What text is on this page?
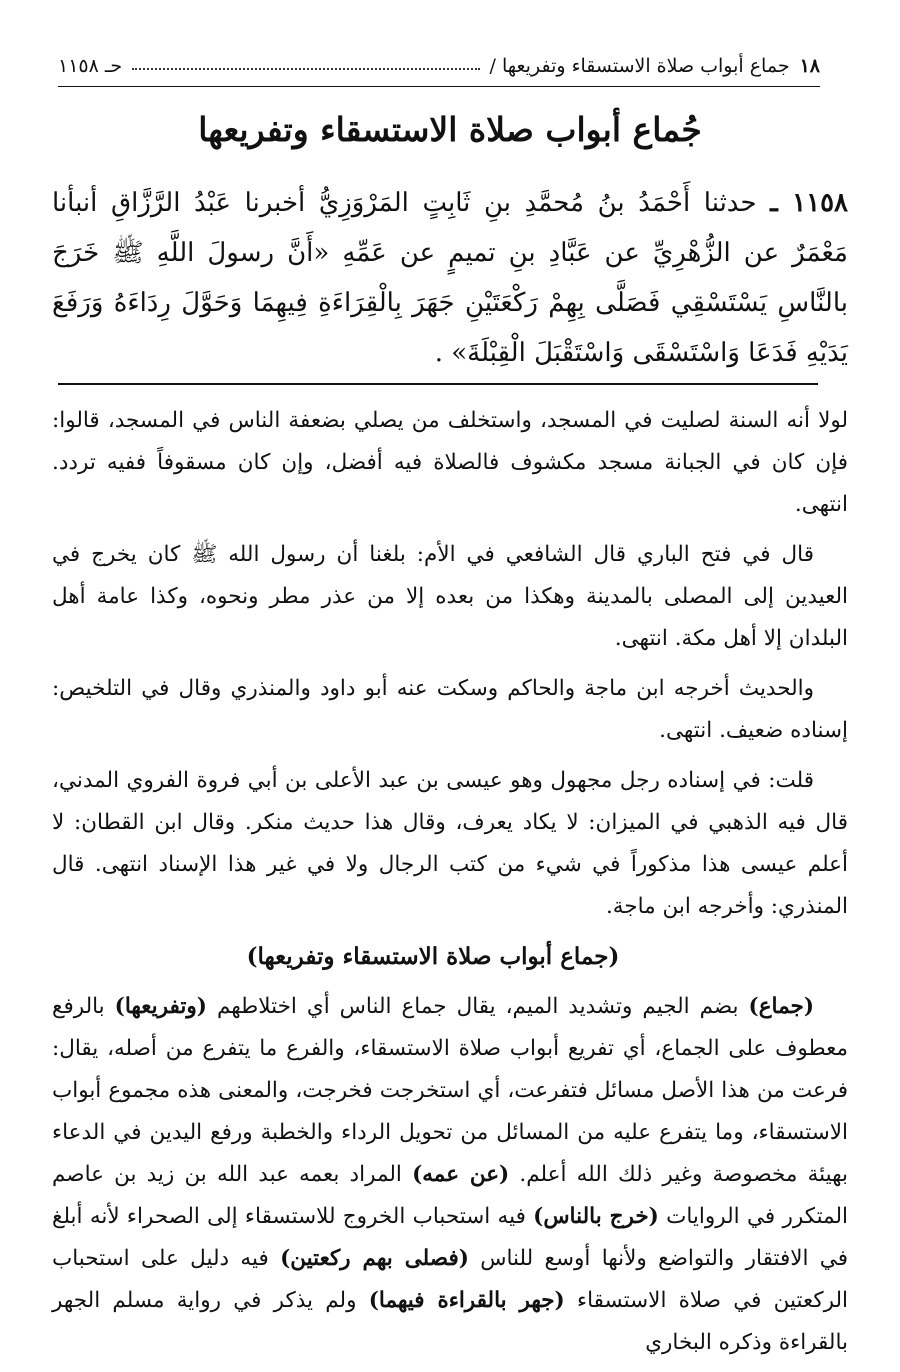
١٨
جماع أبواب صلاة الاستسقاء وتفريعها /
حـ ١١٥٨
جُماع أبواب صلاة الاستسقاء وتفريعها
١١٥٨ ـ حدثنا أَحْمَدُ بنُ مُحمَّدِ بنِ ثَابِتٍ المَرْوَزِيُّ أخبرنا عَبْدُ الرَّزَّاقِ أنبأنا مَعْمَرٌ عن الزُّهْرِيِّ عن عَبَّادِ بنِ تميمٍ عن عَمِّهِ «أَنَّ رسولَ اللَّهِ ﷺ خَرَجَ بالنَّاسِ يَسْتَسْقِي فَصَلَّى بِهِمْ رَكْعَتَيْنِ جَهَرَ بِالْقِرَاءَةِ فِيهِمَا وَحَوَّلَ رِدَاءَهُ وَرَفَعَ يَدَيْهِ فَدَعَا وَاسْتَسْقَى وَاسْتَقْبَلَ الْقِبْلَةَ» .

لولا أنه السنة لصليت في المسجد، واستخلف من يصلي بضعفة الناس في المسجد، قالوا: فإن كان في الجبانة مسجد مكشوف فالصلاة فيه أفضل، وإن كان مسقوفاً ففيه تردد. انتهى.

قال في فتح الباري قال الشافعي في الأم: بلغنا أن رسول الله ﷺ كان يخرج في العيدين إلى المصلى بالمدينة وهكذا من بعده إلا من عذر مطر ونحوه، وكذا عامة أهل البلدان إلا أهل مكة. انتهى.

والحديث أخرجه ابن ماجة والحاكم وسكت عنه أبو داود والمنذري وقال في التلخيص: إسناده ضعيف. انتهى.

قلت: في إسناده رجل مجهول وهو عيسى بن عبد الأعلى بن أبي فروة الفروي المدني، قال فيه الذهبي في الميزان: لا يكاد يعرف، وقال هذا حديث منكر. وقال ابن القطان: لا أعلم عيسى هذا مذكوراً في شيء من كتب الرجال ولا في غير هذا الإسناد انتهى. قال المنذري: وأخرجه ابن ماجة.

(جماع أبواب صلاة الاستسقاء وتفريعها)

(جماع) بضم الجيم وتشديد الميم، يقال جماع الناس أي اختلاطهم (وتفريعها) بالرفع معطوف على الجماع، أي تفريع أبواب صلاة الاستسقاء، والفرع ما يتفرع من أصله، يقال: فرعت من هذا الأصل مسائل فتفرعت، أي استخرجت فخرجت، والمعنى هذه مجموع أبواب الاستسقاء، وما يتفرع عليه من المسائل من تحويل الرداء والخطبة ورفع اليدين في الدعاء بهيئة مخصوصة وغير ذلك الله أعلم. (عن عمه) المراد بعمه عبد الله بن زيد بن عاصم المتكرر في الروايات (خرج بالناس) فيه استحباب الخروج للاستسقاء إلى الصحراء لأنه أبلغ في الافتقار والتواضع ولأنها أوسع للناس (فصلى بهم ركعتين) فيه دليل على استحباب الركعتين في صلاة الاستسقاء (جهر بالقراءة فيهما) ولم يذكر في رواية مسلم الجهر بالقراءة وذكره البخاري
